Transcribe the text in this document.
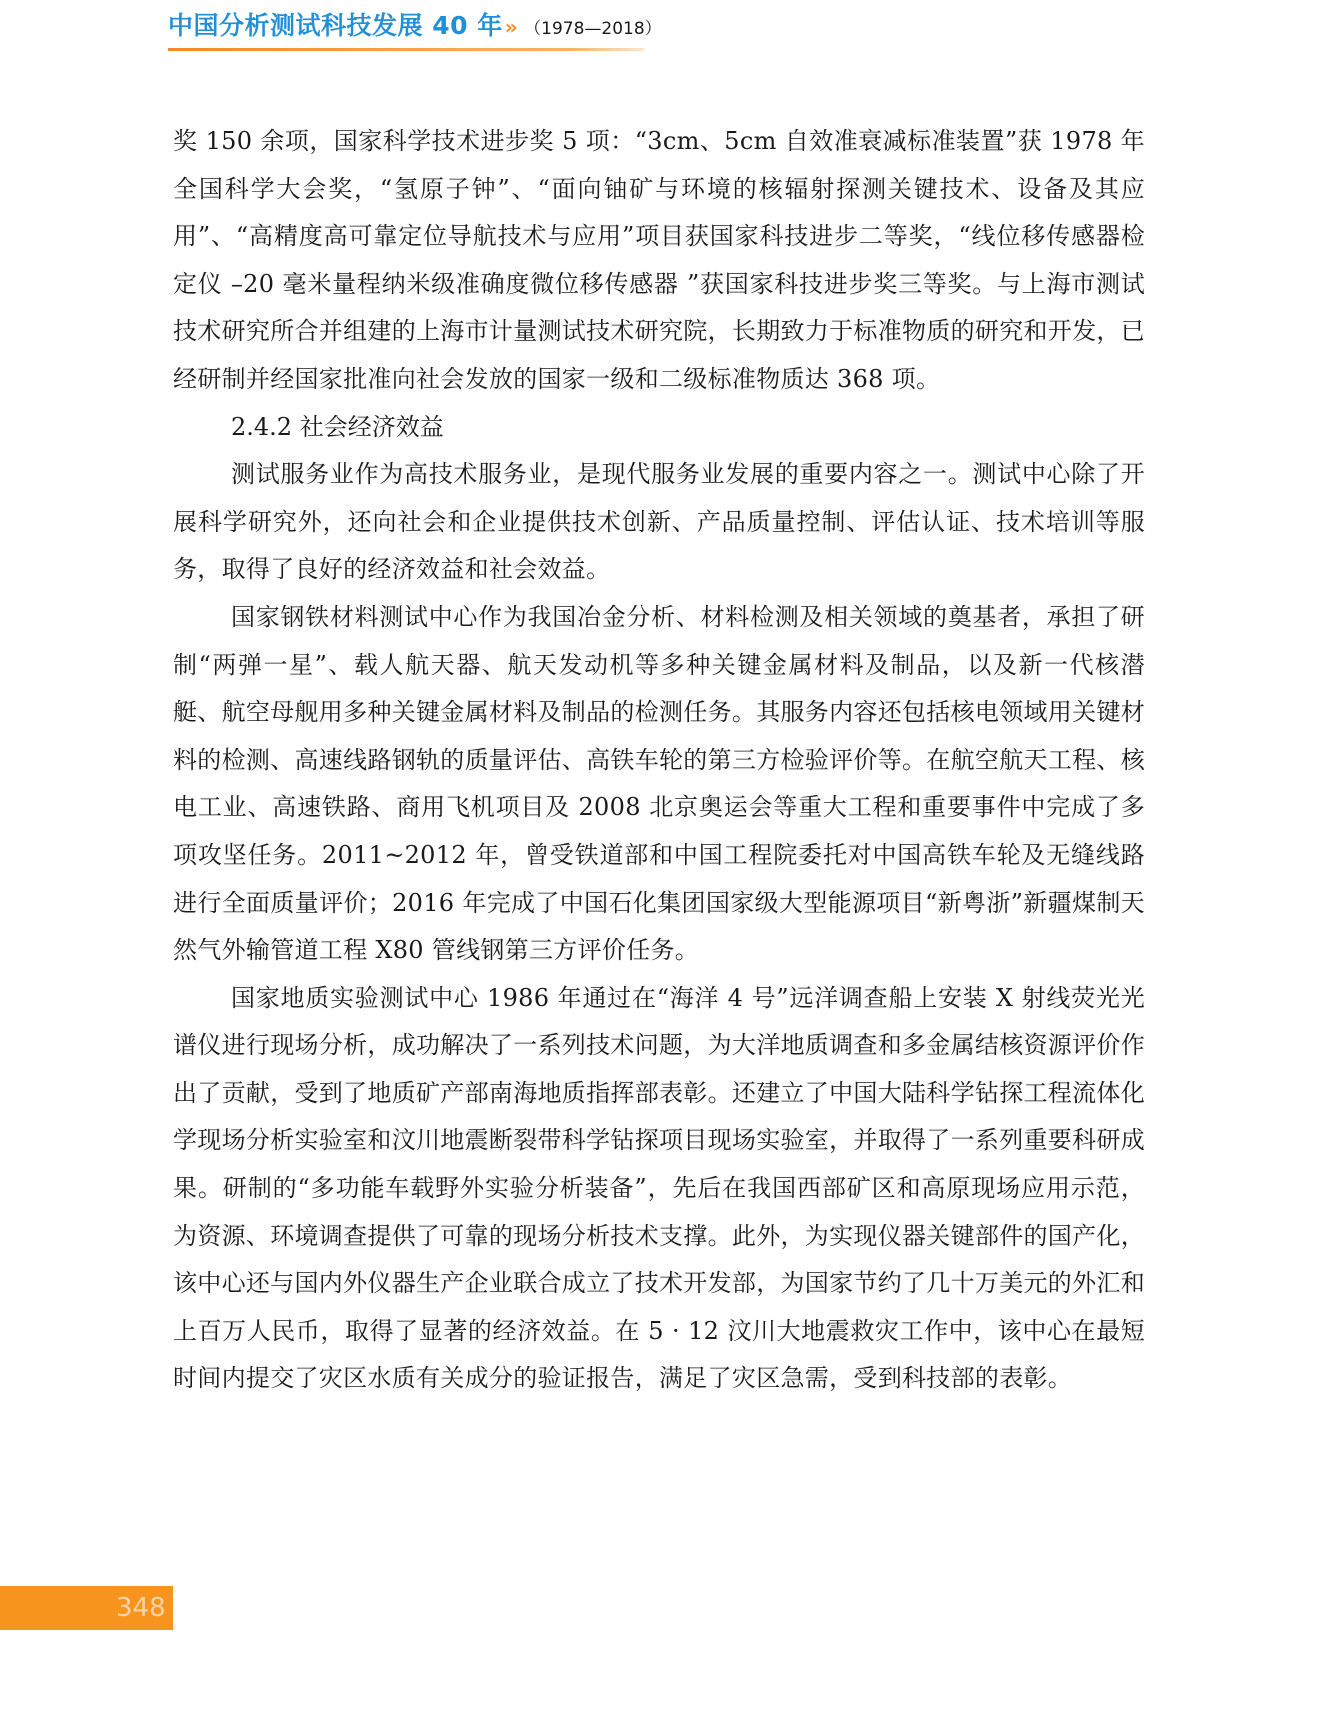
中国分析测试科技发展 40 年 » （1978—2018）

奖 150 余项，国家科学技术进步奖 5 项：“3cm、5cm 自效准衰减标准装置”获 1978 年全国科学大会奖，“氢原子钟”、“面向铀矿与环境的核辐射探测关键技术、设备及其应用”、“高精度高可靠定位导航技术与应用”项目获国家科技进步二等奖，“线位移传感器检定仪 –20 毫米量程纳米级准确度微位移传感器 ”获国家科技进步奖三等奖。与上海市测试技术研究所合并组建的上海市计量测试技术研究院，长期致力于标准物质的研究和开发，已经研制并经国家批准向社会发放的国家一级和二级标准物质达 368 项。

2.4.2 社会经济效益

测试服务业作为高技术服务业，是现代服务业发展的重要内容之一。测试中心除了开展科学研究外，还向社会和企业提供技术创新、产品质量控制、评估认证、技术培训等服务，取得了良好的经济效益和社会效益。

国家钢铁材料测试中心作为我国冶金分析、材料检测及相关领域的奠基者，承担了研制“两弹一星”、载人航天器、航天发动机等多种关键金属材料及制品，以及新一代核潜艇、航空母舰用多种关键金属材料及制品的检测任务。其服务内容还包括核电领域用关键材料的检测、高速线路钢轨的质量评估、高铁车轮的第三方检验评价等。在航空航天工程、核电工业、高速铁路、商用飞机项目及 2008 北京奥运会等重大工程和重要事件中完成了多项攻坚任务。2011~2012 年，曾受铁道部和中国工程院委托对中国高铁车轮及无缝线路进行全面质量评价；2016 年完成了中国石化集团国家级大型能源项目“新粤浙”新疆煤制天然气外输管道工程 X80 管线钢第三方评价任务。

国家地质实验测试中心 1986 年通过在“海洋 4 号”远洋调查船上安装 X 射线荧光光谱仪进行现场分析，成功解决了一系列技术问题，为大洋地质调查和多金属结核资源评价作出了贡献，受到了地质矿产部南海地质指挥部表彰。还建立了中国大陆科学钻探工程流体化学现场分析实验室和汶川地震断裂带科学钻探项目现场实验室，并取得了一系列重要科研成果。研制的“多功能车载野外实验分析装备”，先后在我国西部矿区和高原现场应用示范，为资源、环境调查提供了可靠的现场分析技术支撑。此外，为实现仪器关键部件的国产化，该中心还与国内外仪器生产企业联合成立了技术开发部，为国家节约了几十万美元的外汇和上百万人民币，取得了显著的经济效益。在 5 · 12 汶川大地震救灾工作中，该中心在最短时间内提交了灾区水质有关成分的验证报告，满足了灾区急需，受到科技部的表彰。

348
